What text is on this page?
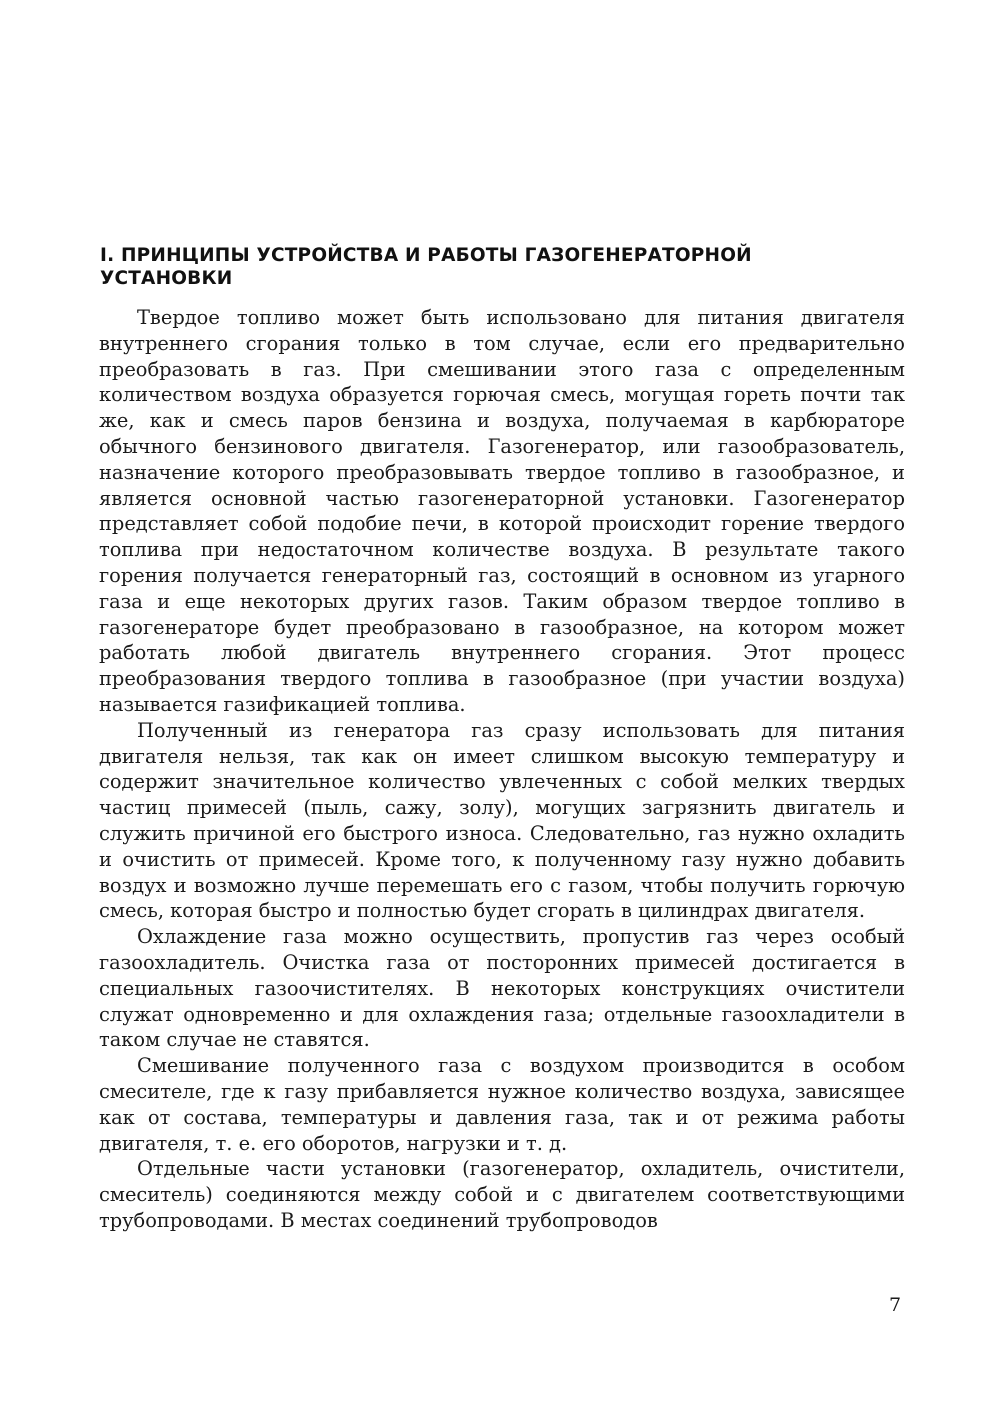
I. ПРИНЦИПЫ УСТРОЙСТВА И РАБОТЫ ГАЗОГЕНЕРАТОРНОЙ УСТАНОВКИ

Твердое топливо может быть использовано для питания двигателя внутреннего сгорания только в том случае, если его предварительно преобразовать в газ. При смешивании этого газа с определенным количеством воздуха образуется горючая смесь, могущая гореть почти так же, как и смесь паров бензина и воздуха, получаемая в карбюраторе обычного бензинового двигателя. Газогенератор, или газообразователь, назначение которого преобразовывать твердое топливо в газообразное, и является основной частью газогенераторной установки. Газогенератор представляет собой подобие печи, в которой происходит горение твердого топлива при недостаточном количестве воздуха. В результате такого горения получается генераторный газ, состоящий в основном из угарного газа и еще некоторых других газов. Таким образом твердое топливо в газогенераторе будет преобразовано в газообразное, на котором может работать любой двигатель внутреннего сгорания. Этот процесс преобразования твердого топлива в газообразное (при участии воздуха) называется газификацией топлива.

Полученный из генератора газ сразу использовать для питания двигателя нельзя, так как он имеет слишком высокую температуру и содержит значительное количество увлеченных с собой мелких твердых частиц примесей (пыль, сажу, золу), могущих загрязнить двигатель и служить причиной его быстрого износа. Следовательно, газ нужно охладить и очистить от примесей. Кроме того, к полученному газу нужно добавить воздух и возможно лучше перемешать его с газом, чтобы получить горючую смесь, которая быстро и полностью будет сгорать в цилиндрах двигателя.

Охлаждение газа можно осуществить, пропустив газ через особый газоохладитель. Очистка газа от посторонних примесей достигается в специальных газоочистителях. В некоторых конструкциях очистители служат одновременно и для охлаждения газа; отдельные газоохладители в таком случае не ставятся.

Смешивание полученного газа с воздухом производится в особом смесителе, где к газу прибавляется нужное количество воздуха, зависящее как от состава, температуры и давления газа, так и от режима работы двигателя, т. е. его оборотов, нагрузки и т. д.

Отдельные части установки (газогенератор, охладитель, очистители, смеситель) соединяются между собой и с двигателем соответствующими трубопроводами. В местах соединений трубопроводов

7
